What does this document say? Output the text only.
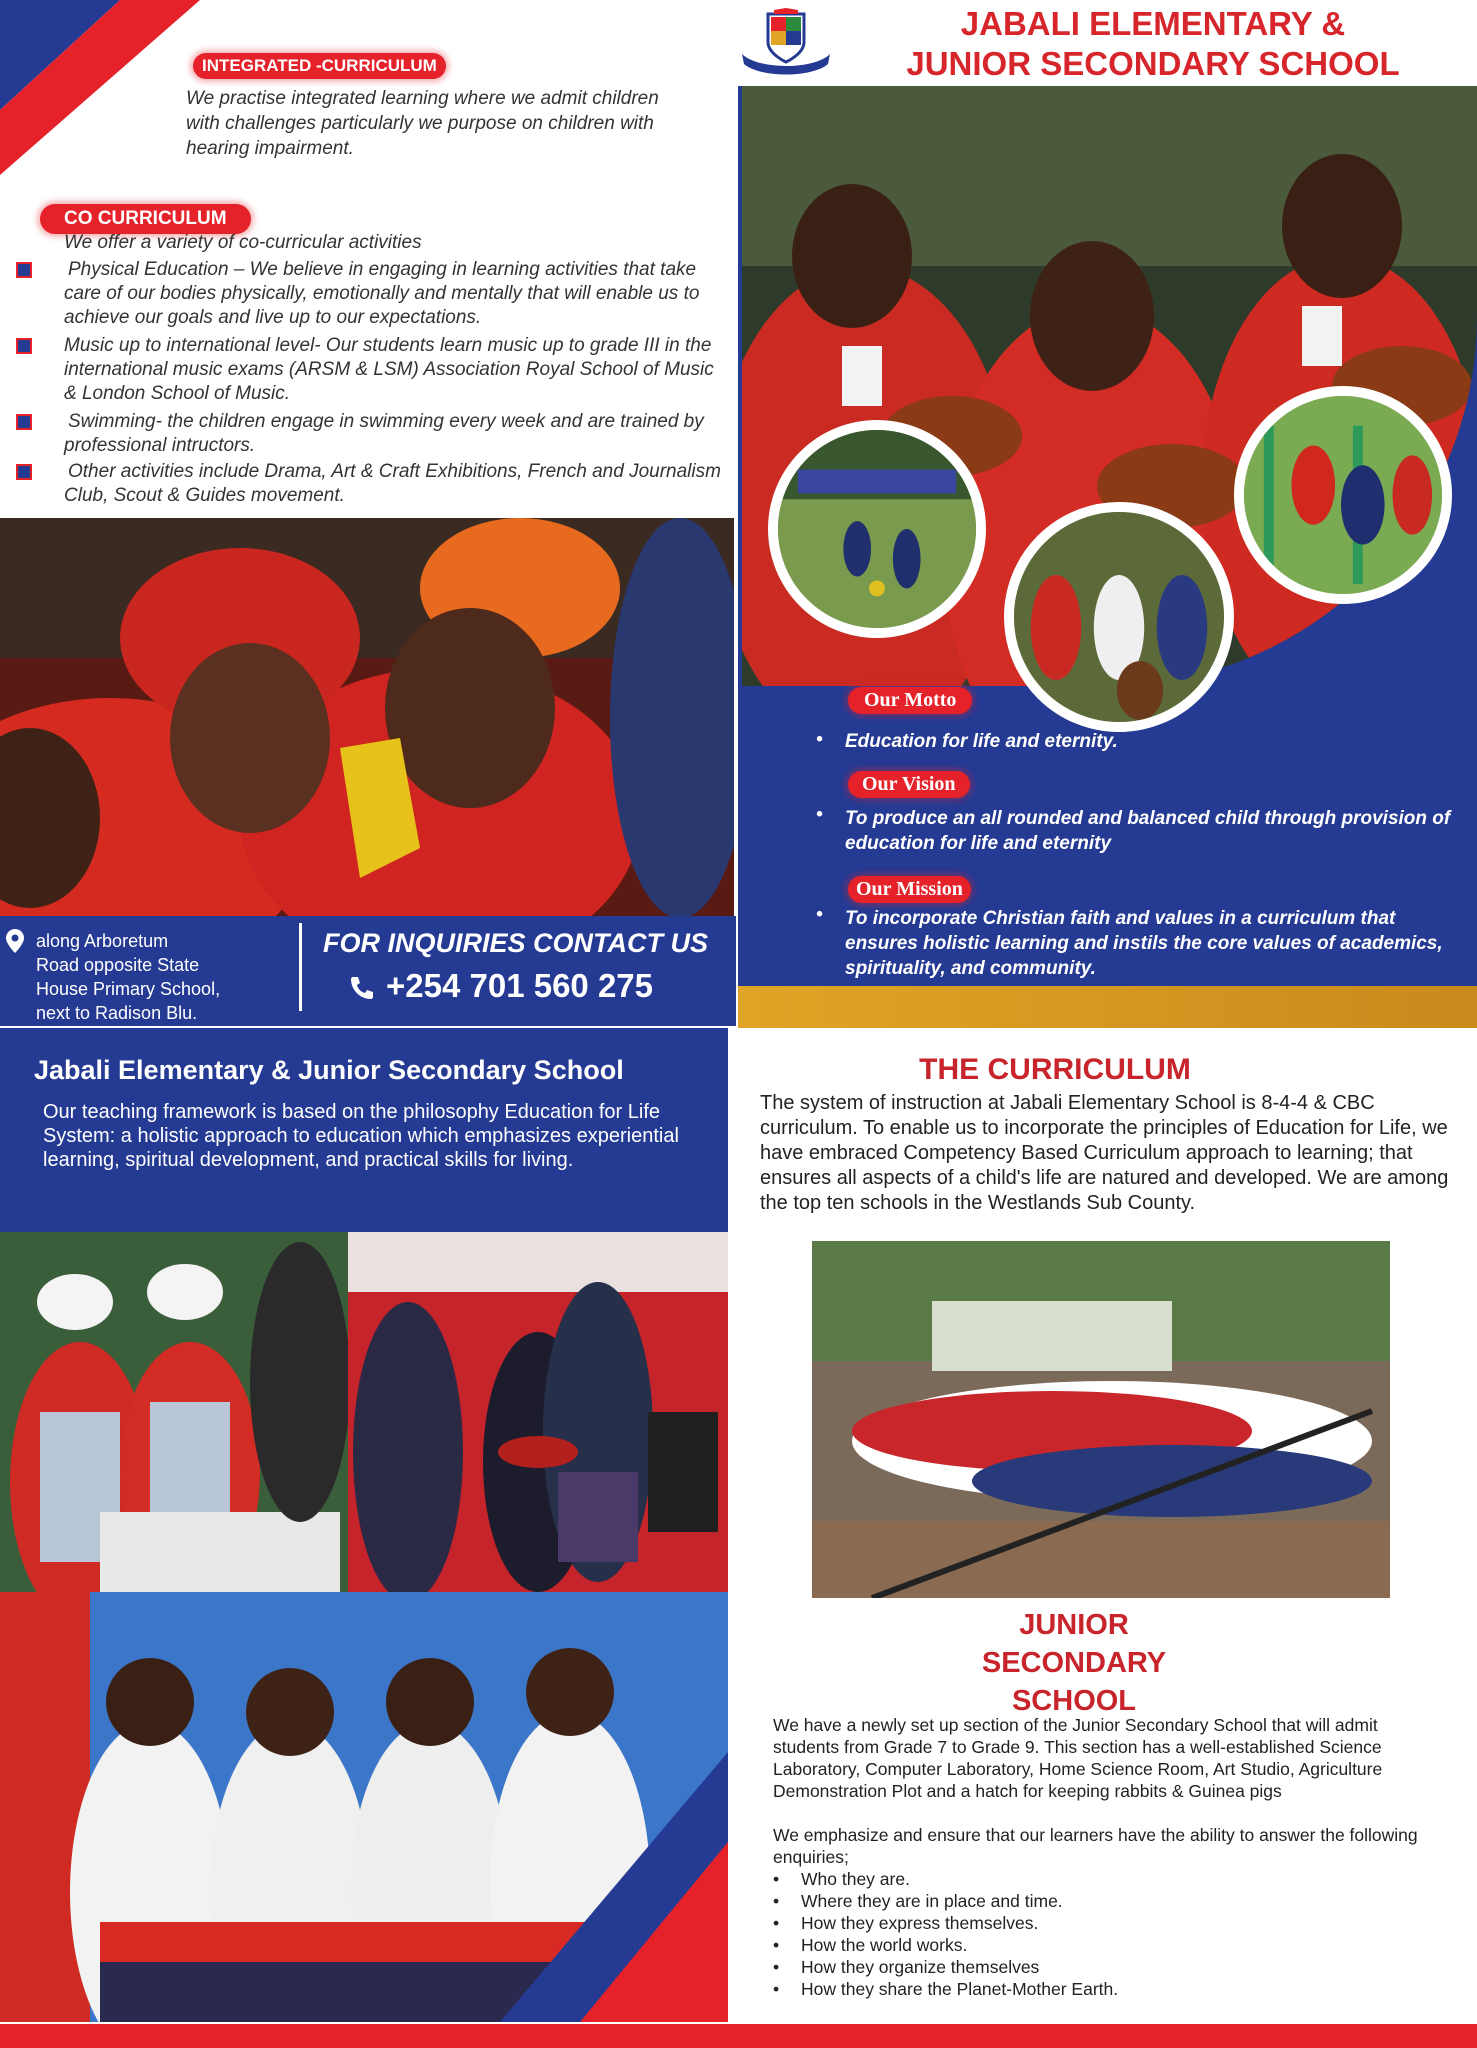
INTEGRATED -CURRICULUM
We practise integrated learning where we admit children with challenges particularly we purpose on children with hearing impairment.
CO CURRICULUM
We offer a variety of co-curricular activities
Physical Education – We believe in engaging in learning activities that take care of our bodies physically, emotionally and mentally that will enable us to achieve our goals and live up to our expectations.
Music up to international level- Our students learn music up to grade III in the international music exams (ARSM & LSM) Association Royal School of Music & London School of Music.
Swimming- the children engage in swimming every week and are trained by professional intructors.
Other activities include Drama, Art & Craft Exhibitions, French and Journalism Club, Scout & Guides movement.
along Arboretum
Road opposite State
House Primary School,
next to Radison Blu.
FOR INQUIRIES CONTACT US
+254 701 560 275
JABALI ELEMENTARY &
JUNIOR SECONDARY SCHOOL
Our Motto
• Education for life and eternity.
Our Vision
• To produce an all rounded and balanced child through provision of education for life and eternity
Our Mission
• To incorporate Christian faith and values in a curriculum that ensures holistic learning and instils the core values of academics, spirituality, and community.
Jabali Elementary & Junior Secondary School
Our teaching framework is based on the philosophy Education for Life System: a holistic approach to education which emphasizes experiential learning, spiritual development, and practical skills for living.
THE CURRICULUM
The system of instruction at Jabali Elementary School is 8-4-4 & CBC curriculum. To enable us to incorporate the principles of Education for Life, we have embraced Competency Based Curriculum approach to learning; that ensures all aspects of a child's life are natured and developed. We are among the top ten schools in the Westlands Sub County.
JUNIOR
SECONDARY
SCHOOL
We have a newly set up section of the Junior Secondary School that will admit students from Grade 7 to Grade 9. This section has a well-established Science Laboratory, Computer Laboratory, Home Science Room, Art Studio, Agriculture Demonstration Plot and a hatch for keeping rabbits & Guinea pigs
We emphasize and ensure that our learners have the ability to answer the following enquiries;
• Who they are.
• Where they are in place and time.
• How they express themselves.
• How the world works.
• How they organize themselves
• How they share the Planet-Mother Earth.
